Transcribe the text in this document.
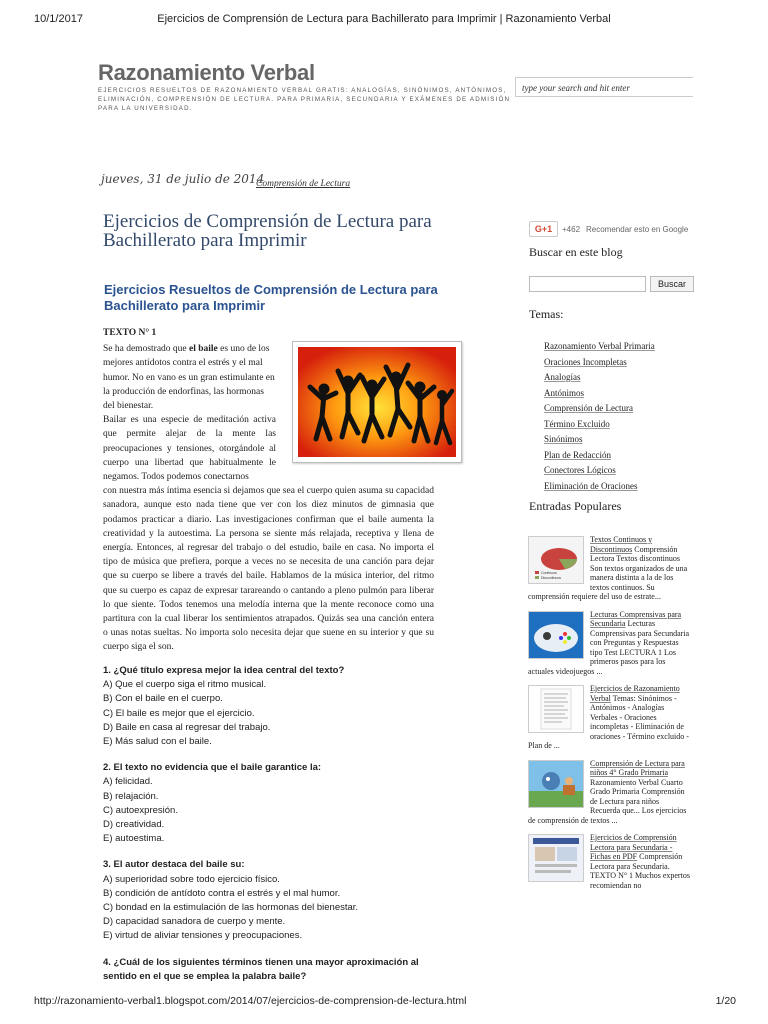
10/1/2017	Ejercicios de Comprensión de Lectura para Bachillerato para Imprimir | Razonamiento Verbal
Razonamiento Verbal
EJERCICIOS RESUELTOS DE RAZONAMIENTO VERBAL GRATIS: ANALOGÍAS, SINÓNIMOS, ANTÓNIMOS, ELIMINACIÓN, COMPRENSIÓN DE LECTURA. PARA PRIMARIA, SECUNDARIA Y EXÁMENES DE ADMISIÓN PARA LA UNIVERSIDAD.
type your search and hit enter
jueves, 31 de julio de 2014
Comprensión de Lectura
Ejercicios de Comprensión de Lectura para Bachillerato para Imprimir
Ejercicios Resueltos de Comprensión de Lectura para Bachillerato para Imprimir
TEXTO N° 1
Se ha demostrado que el baile es uno de los mejores antídotos contra el estrés y el mal humor. No en vano es un gran estimulante en la producción de endorfinas, las hormonas del bienestar.
Bailar es una especie de meditación activa que permite alejar de la mente las preocupaciones y tensiones, otorgándole al cuerpo una libertad que habitualmente le negamos. Todos podemos conectarnos
con nuestra más íntima esencia si dejamos que sea el cuerpo quien asuma su capacidad sanadora, aunque esto nada tiene que ver con los diez minutos de gimnasia que podamos practicar a diario. Las investigaciones confirman que el baile aumenta la creatividad y la autoestima. La persona se siente más relajada, receptiva y llena de energía. Entonces, al regresar del trabajo o del estudio, baile en casa. No importa el tipo de música que prefiera, porque a veces no se necesita de una canción para dejar que su cuerpo se libere a través del baile. Hablamos de la música interior, del ritmo que su cuerpo es capaz de expresar tarareando o cantando a pleno pulmón para liberar lo que siente. Todos tenemos una melodía interna que la mente reconoce como una partitura con la cual liberar los sentimientos atrapados. Quizás sea una canción entera o unas notas sueltas. No importa solo necesita dejar que suene en su interior y que su cuerpo siga el son.
1. ¿Qué título expresa mejor la idea central del texto?
A) Que el cuerpo siga el ritmo musical.
B) Con el baile en el cuerpo.
C) El baile es mejor que el ejercicio.
D) Baile en casa al regresar del trabajo.
E) Más salud con el baile.
2. El texto no evidencia que el baile garantice la:
A) felicidad.
B) relajación.
C) autoexpresión.
D) creatividad.
E) autoestima.
3. El autor destaca del baile su:
A) superioridad sobre todo ejercicio físico.
B) condición de antídoto contra el estrés y el mal humor.
C) bondad en la estimulación de las hormonas del bienestar.
D) capacidad sanadora de cuerpo y mente.
E) virtud de aliviar tensiones y preocupaciones.
4. ¿Cuál de los siguientes términos tienen una mayor aproximación al sentido en el que se emplea la palabra baile?
G+1	+462 Recomendar esto en Google
Buscar en este blog
Buscar
Temas:
Razonamiento Verbal Primaria
Oraciones Incompletas
Analogías
Antónimos
Comprensión de Lectura
Término Excluido
Sinónimos
Plan de Redacción
Conectores Lógicos
Eliminación de Oraciones
Entradas Populares
Continuos
Discontinuos
Textos Continuos y Discontinuos Comprensión Lectora Textos discontinuos Son textos organizados de una manera distinta a la de los textos continuos. Su comprensión requiere del uso de estrate...
Lecturas Comprensivas para Secundaria Lecturas Comprensivas para Secundaria con Preguntas y Respuestas tipo Test LECTURA 1 Los primeros pasos para los actuales videojuegos ...
Ejercicios de Razonamiento Verbal Temas: Sinónimos - Antónimos - Analogías Verbales - Oraciones incompletas - Eliminación de oraciones - Término excluido - Plan de ...
Comprensión de Lectura para niños 4° Grado Primaria Razonamiento Verbal Cuarto Grado Primaria Comprensión de Lectura para niños Recuerda que... Los ejercicios de comprensión de textos ...
Ejercicios de Comprensión Lectora para Secundaria - Fichas en PDF Comprensión Lectora para Secundaria. TEXTO N° 1 Muchos expertos recomiendan no
http://razonamiento-verbal1.blogspot.com/2014/07/ejercicios-de-comprension-de-lectura.html	1/20
